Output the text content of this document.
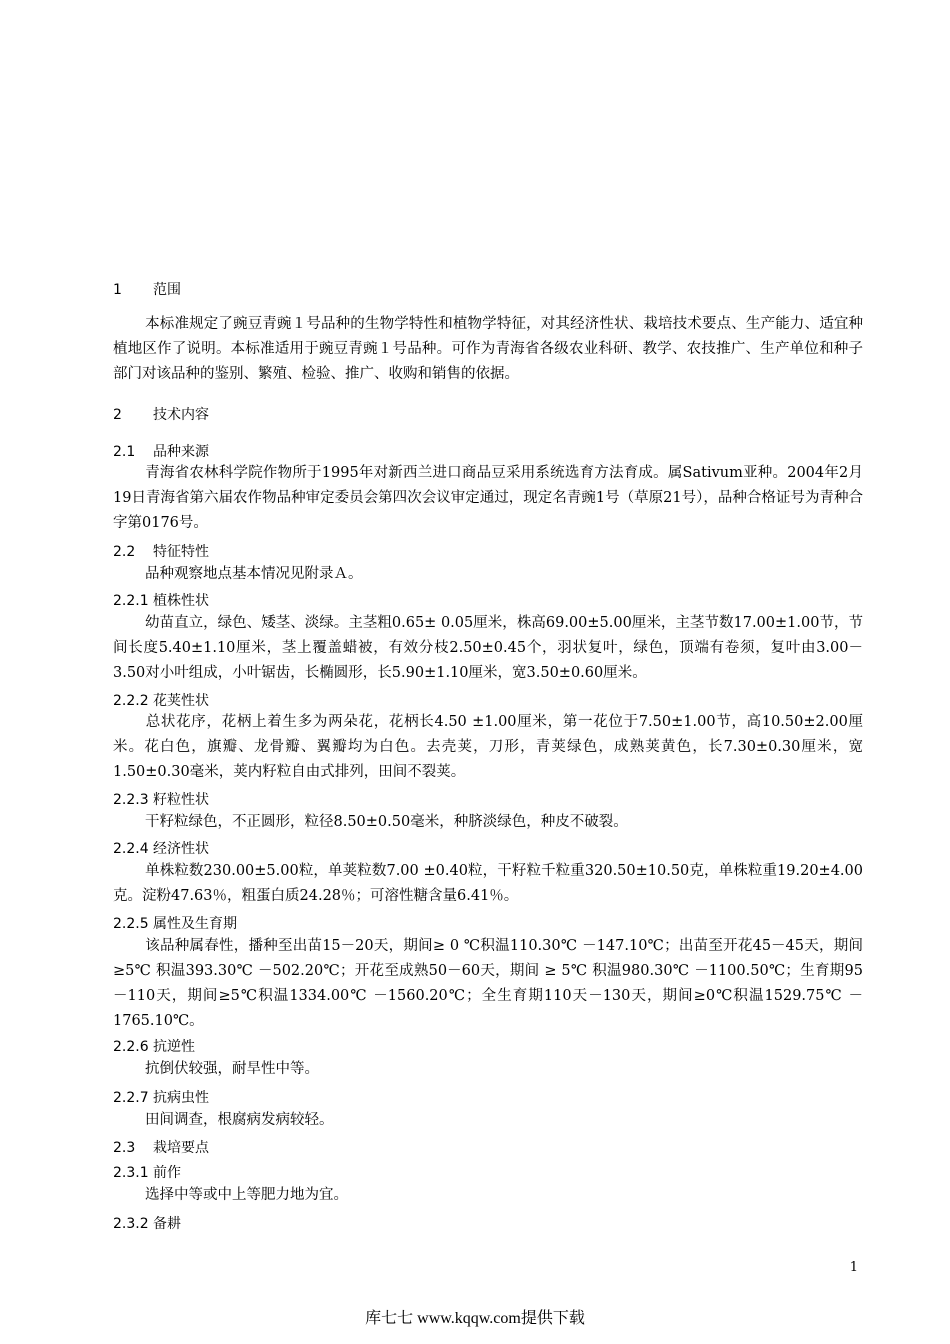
1 范围
本标准规定了豌豆青豌１号品种的生物学特性和植物学特征，对其经济性状、栽培技术要点、生产能力、适宜种植地区作了说明。本标准适用于豌豆青豌１号品种。可作为青海省各级农业科研、教学、农技推广、生产单位和种子部门对该品种的鉴别、繁殖、检验、推广、收购和销售的依据。
2 技术内容
2.1 品种来源
青海省农林科学院作物所于1995年对新西兰进口商品豆采用系统选育方法育成。属Sativum亚种。2004年2月19日青海省第六届农作物品种审定委员会第四次会议审定通过，现定名青豌1号（草原21号），品种合格证号为青种合字第0176号。
2.2 特征特性
品种观察地点基本情况见附录Ａ。
2.2.1 植株性状
幼苗直立，绿色、矮茎、淡绿。主茎粗0.65± 0.05厘米，株高69.00±5.00厘米，主茎节数17.00±1.00节，节间长度5.40±1.10厘米，茎上覆盖蜡被，有效分枝2.50±0.45个，羽状复叶，绿色，顶端有卷须，复叶由3.00－3.50对小叶组成，小叶锯齿，长椭圆形，长5.90±1.10厘米，宽3.50±0.60厘米。
2.2.2 花荚性状
总状花序，花柄上着生多为两朵花，花柄长4.50 ±1.00厘米，第一花位于7.50±1.00节，高10.50±2.00厘米。花白色，旗瓣、龙骨瓣、翼瓣均为白色。去壳荚，刀形，青荚绿色，成熟荚黄色，长7.30±0.30厘米，宽1.50±0.30毫米，荚内籽粒自由式排列，田间不裂荚。
2.2.3 籽粒性状
干籽粒绿色，不正圆形，粒径8.50±0.50毫米，种脐淡绿色，种皮不破裂。
2.2.4 经济性状
单株粒数230.00±5.00粒，单荚粒数7.00 ±0.40粒，干籽粒千粒重320.50±10.50克，单株粒重19.20±4.00克。淀粉47.63％，粗蛋白质24.28％；可溶性糖含量6.41％。
2.2.5 属性及生育期
该品种属春性，播种至出苗15－20天，期间≥ 0 ℃积温110.30℃ －147.10℃；出苗至开花45－45天，期间≥5℃ 积温393.30℃ －502.20℃；开花至成熟50－60天，期间 ≥ 5℃ 积温980.30℃ －1100.50℃；生育期95－110天，期间≥5℃积温1334.00℃ －1560.20℃；全生育期110天－130天，期间≥0℃积温1529.75℃ －1765.10℃。
2.2.6 抗逆性
抗倒伏较强，耐旱性中等。
2.2.7 抗病虫性
田间调查，根腐病发病较轻。
2.3 栽培要点
2.3.1 前作
选择中等或中上等肥力地为宜。
2.3.2 备耕
1
库七七 www.kqqw.com提供下载
